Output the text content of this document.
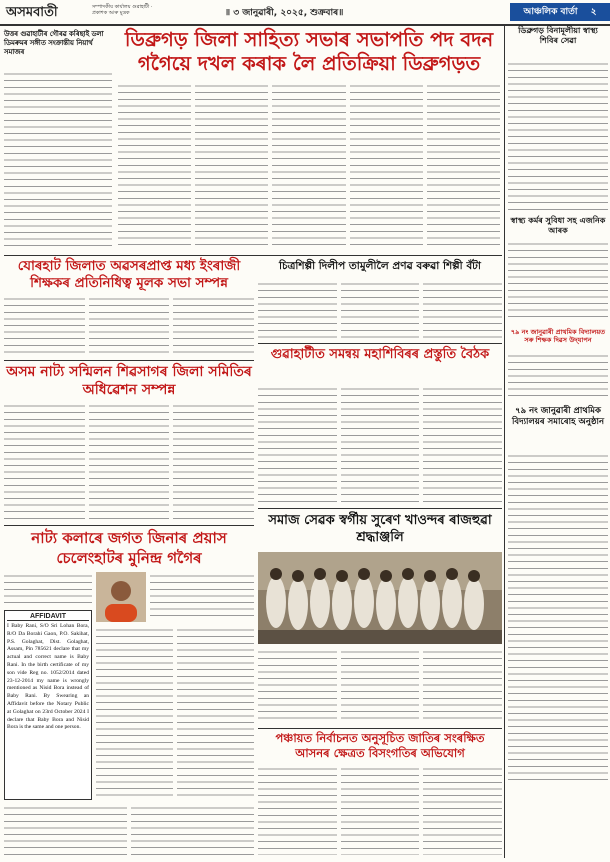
অসমবাতী	সম্পাদকীয় কাৰ্যালয় গুৱাহাটী · প্ৰকাশক আৰু মুদ্ৰক	॥ ৩ জানুৱাৰী, ২০২৫, শুক্ৰবাৰ॥	আঞ্চলিক বাৰ্তা ২
উত্তৰ গুৱাহাটীৰ গৌৰৱ কৰিছাই ডলা ডিমৰুমৰ সঙ্গীত সংক্ৰান্তীয় নিয়াৰ্থ সমাজৰ
ডিব্ৰুগড় জিলা সাহিত্য সভাৰ সভাপতি পদ বদন গগৈয়ে দখল কৰাক লৈ প্ৰতিক্ৰিয়া ডিব্ৰুগড়ত
ডিব্ৰুগড় বিনামূলীয়া স্বাস্থ্য শিবিৰ সেৱা
স্বাস্থ্য কৰ্মৰ সুবিধা সহ এজনিক আৰক
যোৰহাট জিলাত অৱসৰপ্ৰাপ্ত মধ্য ইংৰাজী শিক্ষকৰ প্ৰতিনিধিত্ব মূলক সভা সম্পন্ন
চিত্ৰশিল্পী দিলীপ তামুলীলৈ প্ৰণৱ বৰুৱা শিল্পী বঁটা
অসম নাট্য সন্মিলন শিৱসাগৰ জিলা সমিতিৰ অধিৱেশন সম্পন্ন
গুৱাহাটীত সমন্বয় মহাশিবিৰৰ প্ৰস্তুতি বৈঠক
৭৯ নং জানুৱাৰী প্ৰাথমিক বিদ্যালয়ত সৰু শিক্ষক দিৱস উদ্‌যাপন
৭৯ নং জানুৱাৰী প্ৰাথমিক বিদ্যালয়ৰ সমাৰোহ অনুষ্ঠান
সমাজ সেৱক স্বৰ্গীয় সুৰেণ খাওন্দৰ ৰাজহুৱা শ্ৰদ্ধাঞ্জলি
নাট্য কলাৰে জগত জিনাৰ প্ৰয়াস চেলেংহাটৰ মুনিন্দ্ৰ গগৈৰ
AFFIDAVIT
I Baby Rani, S/O Sri Lohan Bora, R/O Da Borahi Gaon, P.O. Sakihat, P.S. Golaghat, Dist. Golaghat, Assam, Pin 785621 declare that my actual and correct name is Baby Rani. In the birth certificate of my son vide Reg no. 1052/2014 dated 23-12-2014 my name is wrongly mentioned as Nisid Bora instead of Baby Rani. By Swearing an Affidavit before the Notary Public at Golaghat on 23rd October 2024 I declare that Baby Bora and Nisid Bora is the same and one person.
পঞ্চায়ত নিৰ্বাচনত অনুসূচিত জাতিৰ সংৰক্ষিত আসনৰ ক্ষেত্ৰত বিসংগতিৰ অভিযোগ
